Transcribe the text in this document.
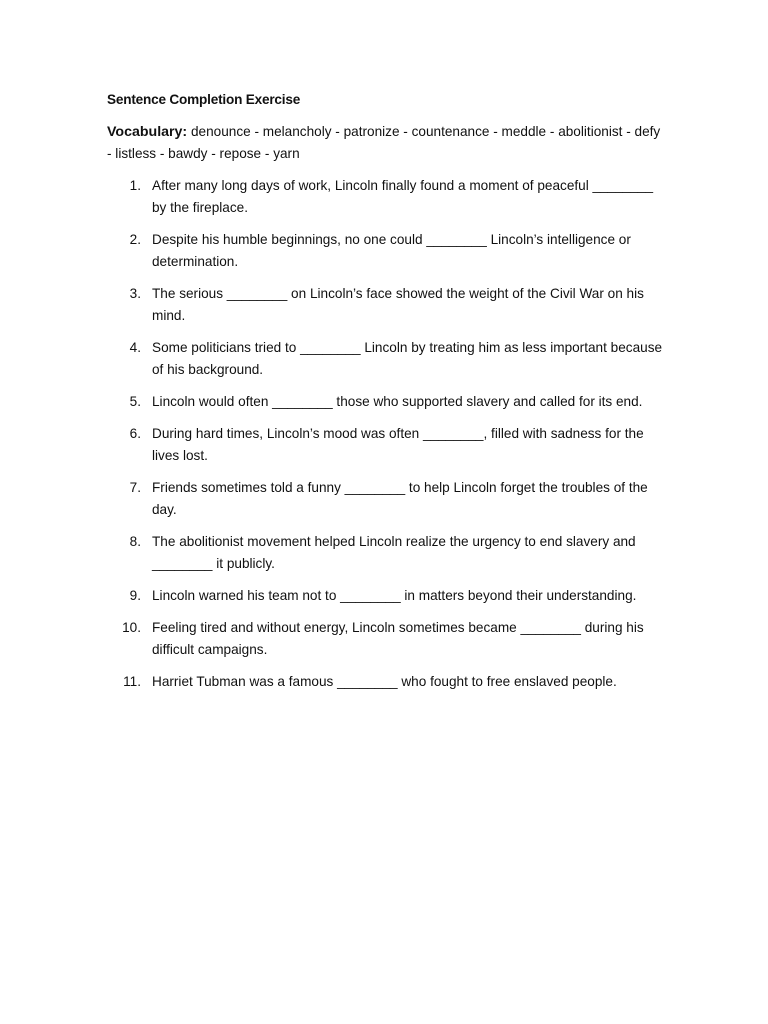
Sentence Completion Exercise
Vocabulary: denounce - melancholy - patronize - countenance - meddle - abolitionist - defy - listless - bawdy - repose - yarn
1. After many long days of work, Lincoln finally found a moment of peaceful ________ by the fireplace.
2. Despite his humble beginnings, no one could ________ Lincoln’s intelligence or determination.
3. The serious ________ on Lincoln’s face showed the weight of the Civil War on his mind.
4. Some politicians tried to ________ Lincoln by treating him as less important because of his background.
5. Lincoln would often ________ those who supported slavery and called for its end.
6. During hard times, Lincoln’s mood was often ________, filled with sadness for the lives lost.
7. Friends sometimes told a funny ________ to help Lincoln forget the troubles of the day.
8. The abolitionist movement helped Lincoln realize the urgency to end slavery and ________ it publicly.
9. Lincoln warned his team not to ________ in matters beyond their understanding.
10. Feeling tired and without energy, Lincoln sometimes became ________ during his difficult campaigns.
11. Harriet Tubman was a famous ________ who fought to free enslaved people.
